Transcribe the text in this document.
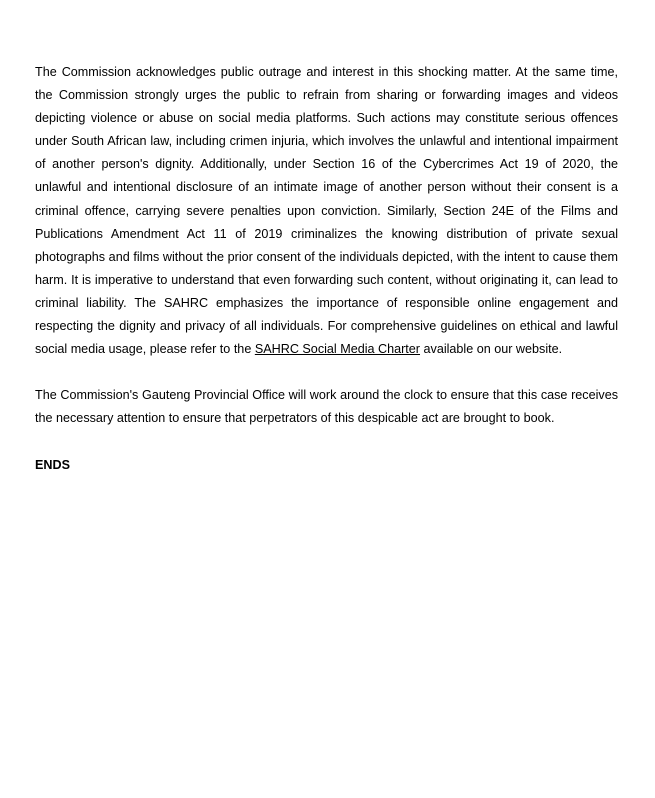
The Commission acknowledges public outrage and interest in this shocking matter. At the same time, the Commission strongly urges the public to refrain from sharing or forwarding images and videos depicting violence or abuse on social media platforms. Such actions may constitute serious offences under South African law, including crimen injuria, which involves the unlawful and intentional impairment of another person's dignity. Additionally, under Section 16 of the Cybercrimes Act 19 of 2020, the unlawful and intentional disclosure of an intimate image of another person without their consent is a criminal offence, carrying severe penalties upon conviction. Similarly, Section 24E of the Films and Publications Amendment Act 11 of 2019 criminalizes the knowing distribution of private sexual photographs and films without the prior consent of the individuals depicted, with the intent to cause them harm. It is imperative to understand that even forwarding such content, without originating it, can lead to criminal liability. The SAHRC emphasizes the importance of responsible online engagement and respecting the dignity and privacy of all individuals. For comprehensive guidelines on ethical and lawful social media usage, please refer to the SAHRC Social Media Charter available on our website.

The Commission's Gauteng Provincial Office will work around the clock to ensure that this case receives the necessary attention to ensure that perpetrators of this despicable act are brought to book.

ENDS
